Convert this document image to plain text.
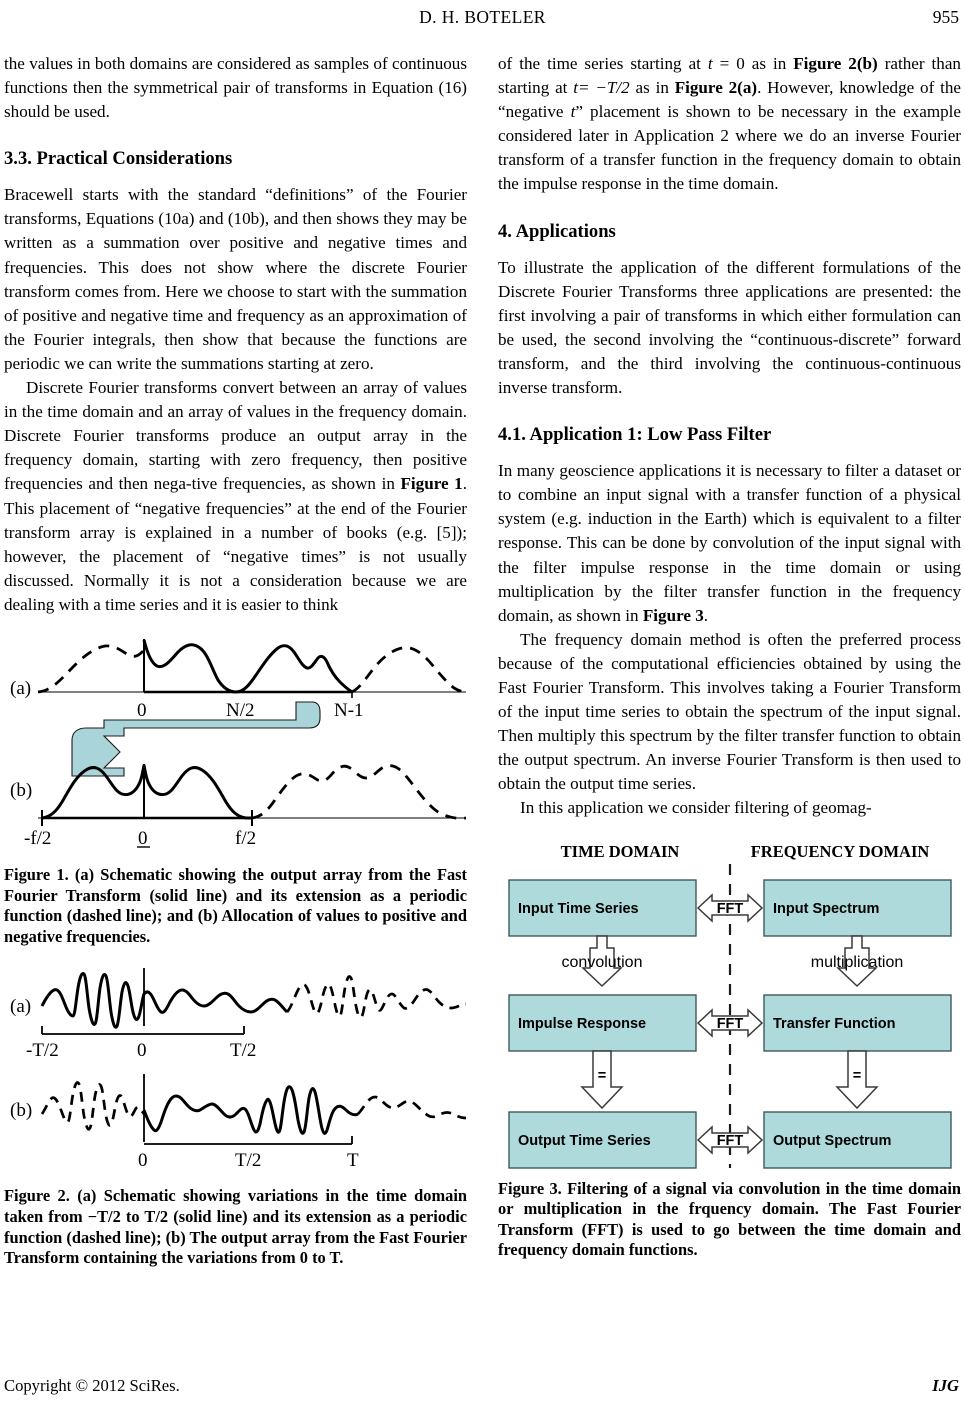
D. H. BOTELER	955

the values in both domains are considered as samples of continuous functions then the symmetrical pair of transforms in Equation (16) should be used.

3.3. Practical Considerations

Bracewell starts with the standard “definitions” of the Fourier transforms, Equations (10a) and (10b), and then shows they may be written as a summation over positive and negative times and frequencies. This does not show where the discrete Fourier transform comes from. Here we choose to start with the summation of positive and negative time and frequency as an approximation of the Fourier integrals, then show that because the functions are periodic we can write the summations starting at zero.

Discrete Fourier transforms convert between an array of values in the time domain and an array of values in the frequency domain. Discrete Fourier transforms produce an output array in the frequency domain, starting with zero frequency, then positive frequencies and then nega-tive frequencies, as shown in Figure 1. This placement of “negative frequencies” at the end of the Fourier transform array is explained in a number of books (e.g. [5]); however, the placement of “negative times” is not usually discussed. Normally it is not a consideration because we are dealing with a time series and it is easier to think

(a)
0	N/2	N-1
(b)
-f/2	0	f/2
Figure 1. (a) Schematic showing the output array from the Fast Fourier Transform (solid line) and its extension as a periodic function (dashed line); and (b) Allocation of values to positive and negative frequencies.
(a)
-T/2	0	T/2
(b)
0	T/2	T
Figure 2. (a) Schematic showing variations in the time domain taken from −T/2 to T/2 (solid line) and its extension as a periodic function (dashed line); (b) The output array from the Fast Fourier Transform containing the variations from 0 to T.

of the time series starting at t = 0 as in Figure 2(b) rather than starting at t= −T/2 as in Figure 2(a). However, knowledge of the “negative t” placement is shown to be necessary in the example considered later in Application 2 where we do an inverse Fourier transform of a transfer function in the frequency domain to obtain the impulse response in the time domain.

4. Applications

To illustrate the application of the different formulations of the Discrete Fourier Transforms three applications are presented: the first involving a pair of transforms in which either formulation can be used, the second involving the “continuous-discrete” forward transform, and the third involving the continuous-continuous inverse transform.

4.1. Application 1: Low Pass Filter

In many geoscience applications it is necessary to filter a dataset or to combine an input signal with a transfer function of a physical system (e.g. induction in the Earth) which is equivalent to a filter response. This can be done by convolution of the input signal with the filter impulse response in the time domain or using multiplication by the filter transfer function in the frequency domain, as shown in Figure 3.

The frequency domain method is often the preferred process because of the computational efficiencies obtained by using the Fast Fourier Transform. This involves taking a Fourier Transform of the input time series to obtain the spectrum of the input signal. Then multiply this spectrum by the filter transfer function to obtain the output spectrum. An inverse Fourier Transform is then used to obtain the output time series.

In this application we consider filtering of geomag-

TIME DOMAIN	FREQUENCY DOMAIN
Input Time Series	Input Spectrum
FFT
convolution	multiplication
Impulse Response	Transfer Function
FFT
=	=
Output Time Series	Output Spectrum
FFT
Figure 3. Filtering of a signal via convolution in the time domain or multiplication in the frquency domain. The Fast Fourier Transform (FFT) is used to go between the time domain and frequency domain functions.
Copyright © 2012 SciRes.	IJG
